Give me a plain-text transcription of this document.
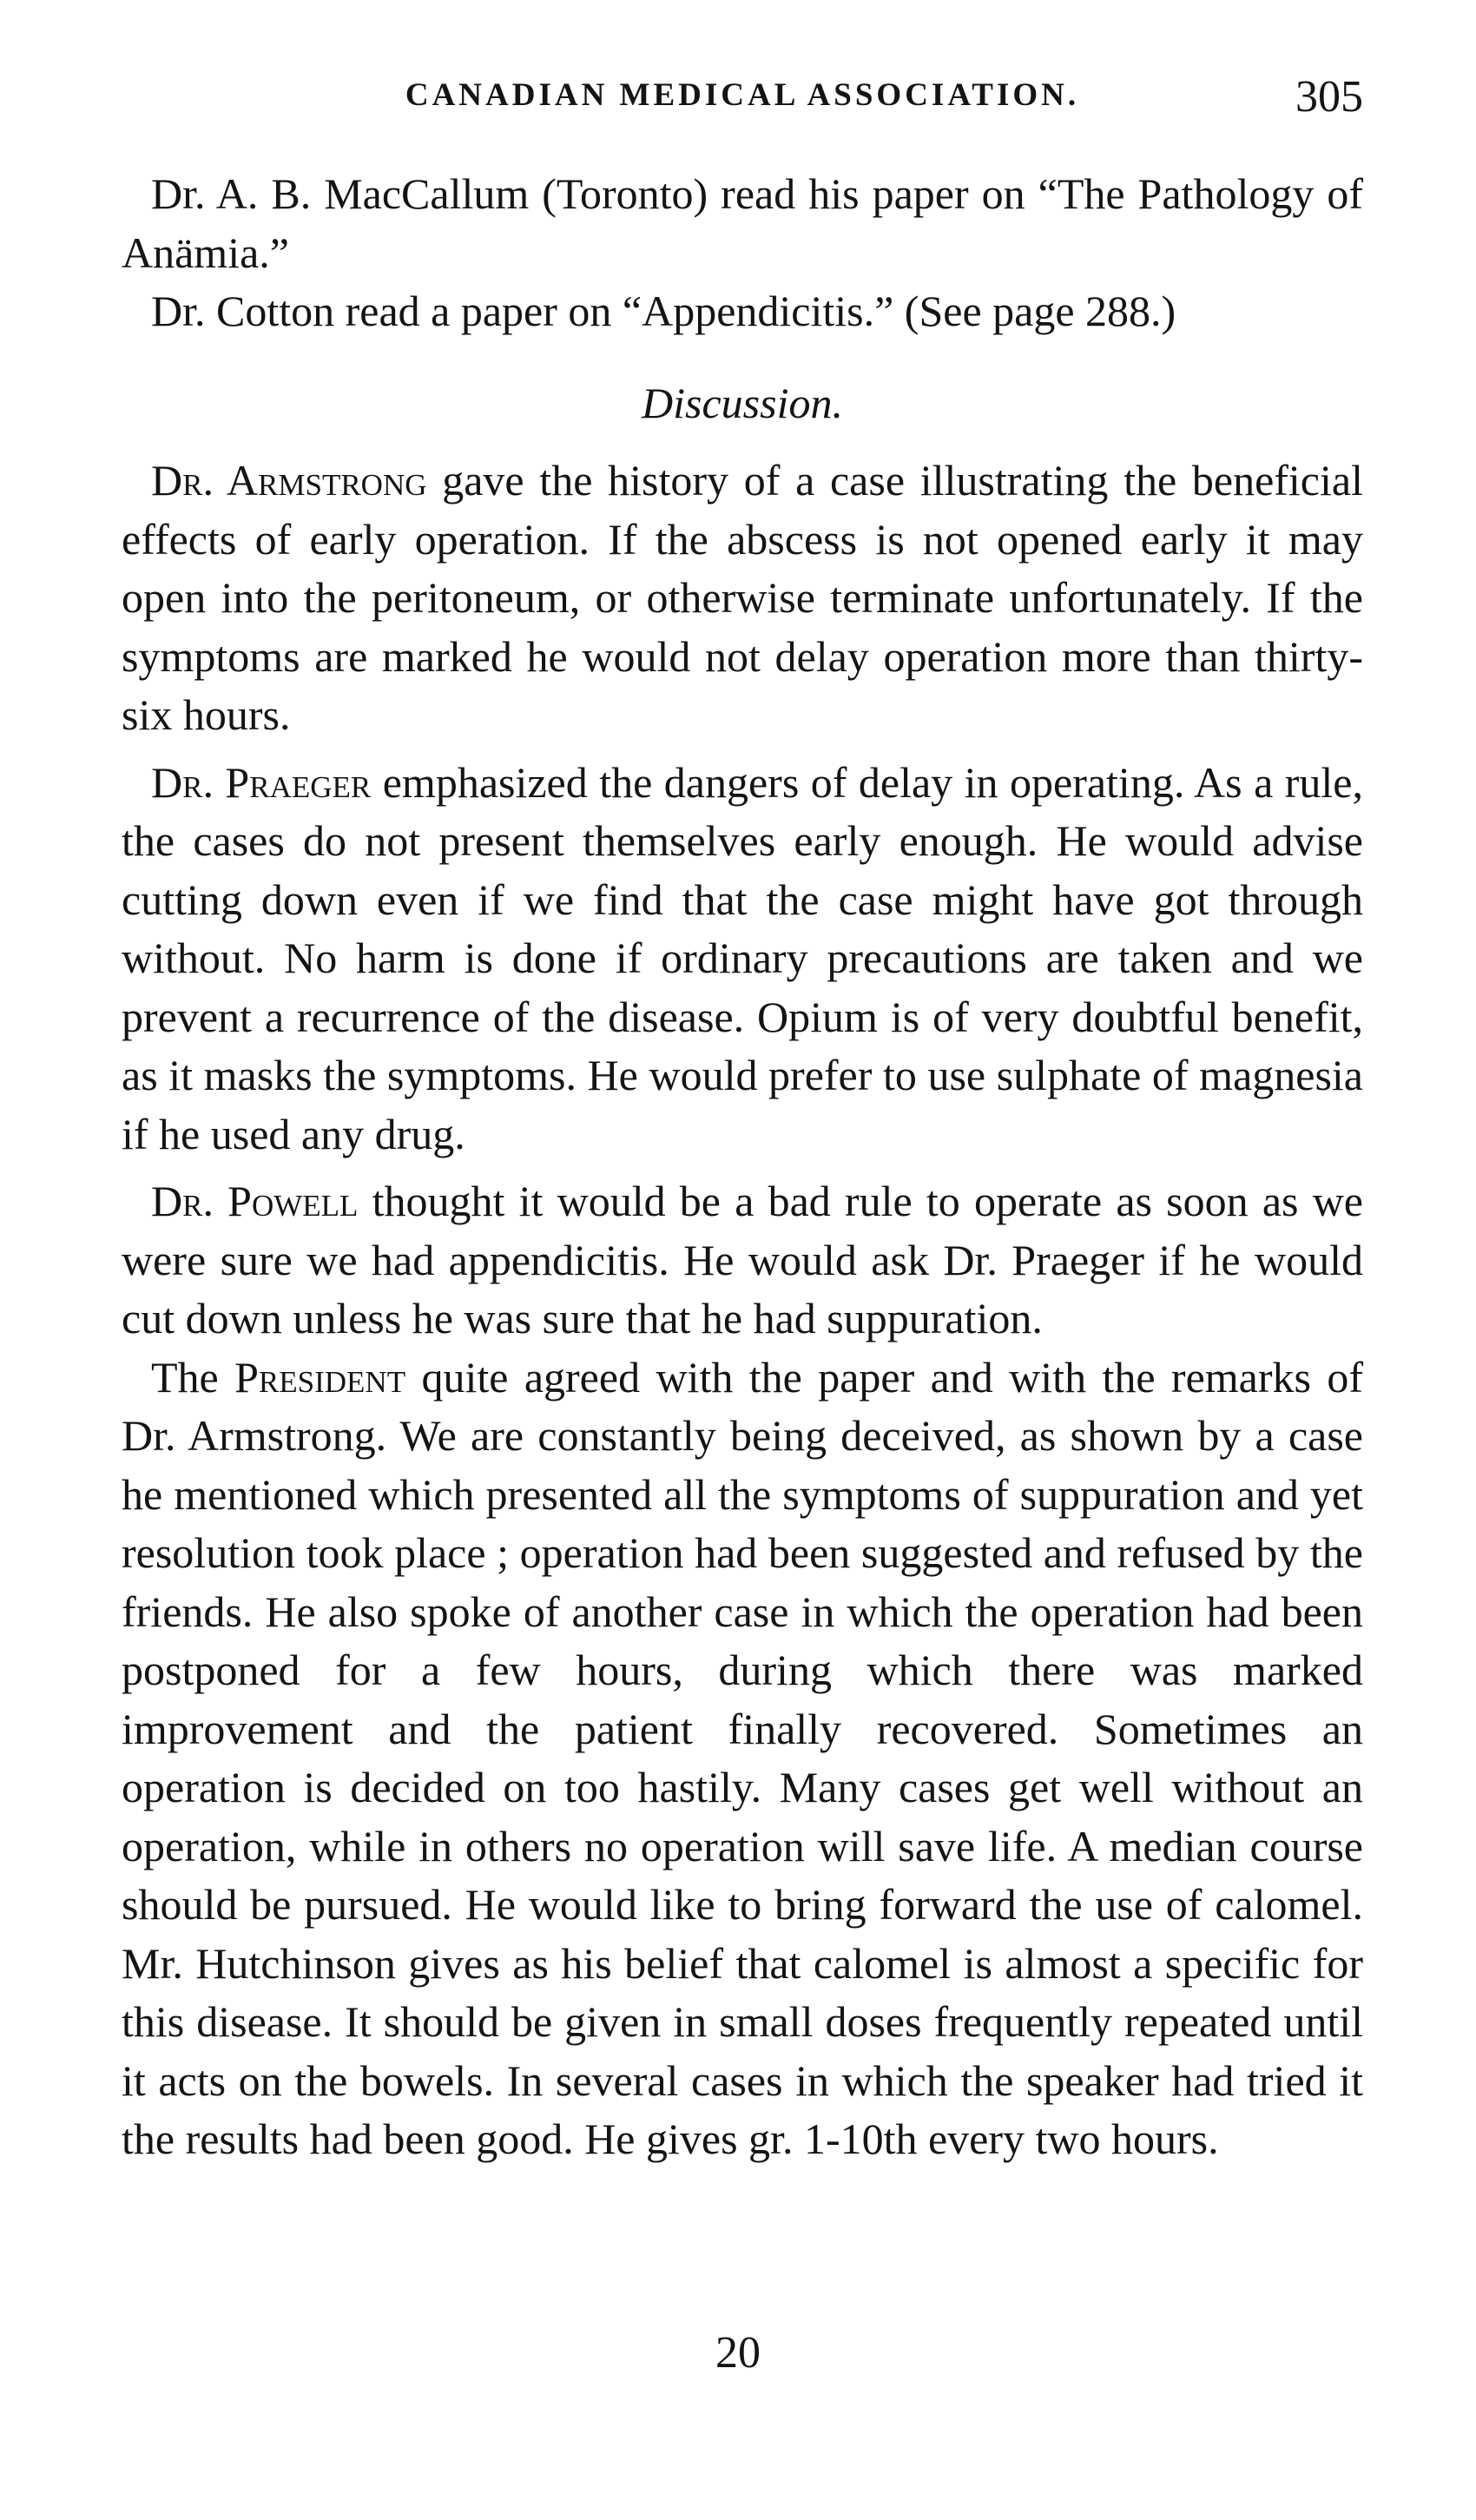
CANADIAN MEDICAL ASSOCIATION.	305

Dr. A. B. MacCallum (Toronto) read his paper on “The Pathology of Anämia.”

Dr. Cotton read a paper on “Appendicitis.” (See page 288.)

Discussion.

Dr. Armstrong gave the history of a case illustrating the beneficial effects of early operation. If the abscess is not opened early it may open into the peritoneum, or otherwise terminate unfortunately. If the symptoms are marked he would not delay operation more than thirty-six hours.

Dr. Praeger emphasized the dangers of delay in operating. As a rule, the cases do not present themselves early enough. He would advise cutting down even if we find that the case might have got through without. No harm is done if ordinary precautions are taken and we prevent a recurrence of the disease. Opium is of very doubtful benefit, as it masks the symptoms. He would prefer to use sulphate of magnesia if he used any drug.

Dr. Powell thought it would be a bad rule to operate as soon as we were sure we had appendicitis. He would ask Dr. Praeger if he would cut down unless he was sure that he had suppuration.

The President quite agreed with the paper and with the remarks of Dr. Armstrong. We are constantly being deceived, as shown by a case he mentioned which presented all the symptoms of suppuration and yet resolution took place ; operation had been suggested and refused by the friends. He also spoke of another case in which the operation had been postponed for a few hours, during which there was marked improvement and the patient finally recovered. Sometimes an operation is decided on too hastily. Many cases get well without an operation, while in others no operation will save life. A median course should be pursued. He would like to bring forward the use of calomel. Mr. Hutchinson gives as his belief that calomel is almost a specific for this disease. It should be given in small doses frequently repeated until it acts on the bowels. In several cases in which the speaker had tried it the results had been good. He gives gr. 1-10th every two hours.

20
